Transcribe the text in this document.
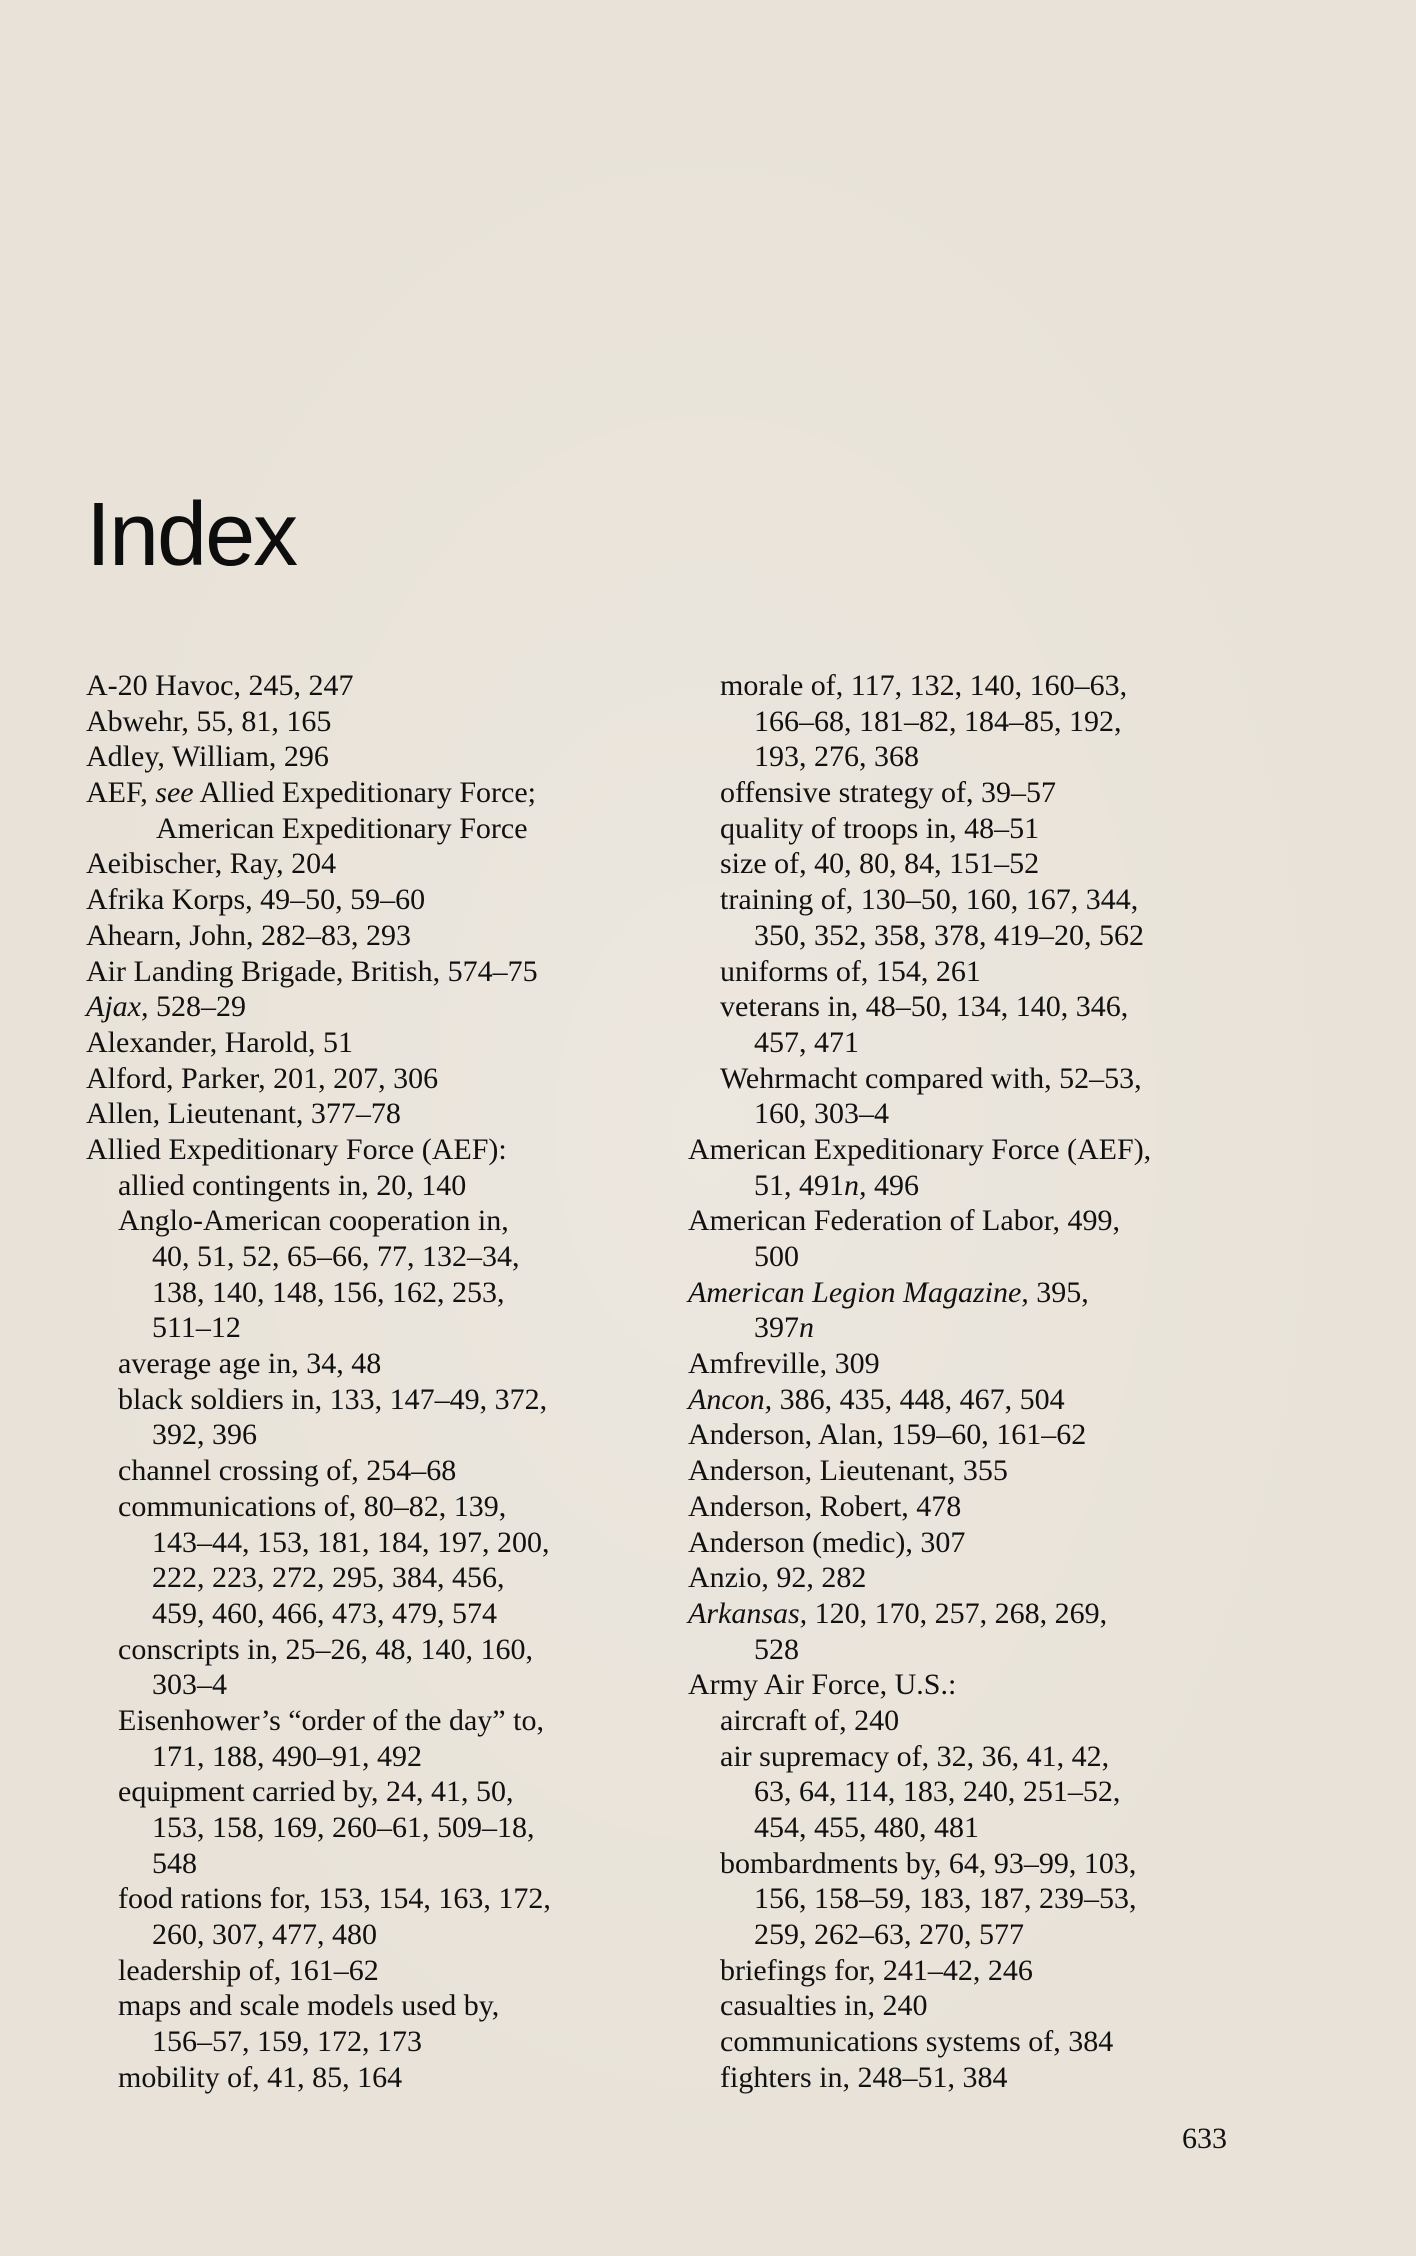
Index
A-20 Havoc, 245, 247
Abwehr, 55, 81, 165
Adley, William, 296
AEF, see Allied Expeditionary Force;
American Expeditionary Force
Aeibischer, Ray, 204
Afrika Korps, 49–50, 59–60
Ahearn, John, 282–83, 293
Air Landing Brigade, British, 574–75
Ajax, 528–29
Alexander, Harold, 51
Alford, Parker, 201, 207, 306
Allen, Lieutenant, 377–78
Allied Expeditionary Force (AEF):
allied contingents in, 20, 140
Anglo-American cooperation in,
40, 51, 52, 65–66, 77, 132–34,
138, 140, 148, 156, 162, 253,
511–12
average age in, 34, 48
black soldiers in, 133, 147–49, 372,
392, 396
channel crossing of, 254–68
communications of, 80–82, 139,
143–44, 153, 181, 184, 197, 200,
222, 223, 272, 295, 384, 456,
459, 460, 466, 473, 479, 574
conscripts in, 25–26, 48, 140, 160,
303–4
Eisenhower’s “order of the day” to,
171, 188, 490–91, 492
equipment carried by, 24, 41, 50,
153, 158, 169, 260–61, 509–18,
548
food rations for, 153, 154, 163, 172,
260, 307, 477, 480
leadership of, 161–62
maps and scale models used by,
156–57, 159, 172, 173
mobility of, 41, 85, 164
morale of, 117, 132, 140, 160–63,
166–68, 181–82, 184–85, 192,
193, 276, 368
offensive strategy of, 39–57
quality of troops in, 48–51
size of, 40, 80, 84, 151–52
training of, 130–50, 160, 167, 344,
350, 352, 358, 378, 419–20, 562
uniforms of, 154, 261
veterans in, 48–50, 134, 140, 346,
457, 471
Wehrmacht compared with, 52–53,
160, 303–4
American Expeditionary Force (AEF),
51, 491n, 496
American Federation of Labor, 499,
500
American Legion Magazine, 395,
397n
Amfreville, 309
Ancon, 386, 435, 448, 467, 504
Anderson, Alan, 159–60, 161–62
Anderson, Lieutenant, 355
Anderson, Robert, 478
Anderson (medic), 307
Anzio, 92, 282
Arkansas, 120, 170, 257, 268, 269,
528
Army Air Force, U.S.:
aircraft of, 240
air supremacy of, 32, 36, 41, 42,
63, 64, 114, 183, 240, 251–52,
454, 455, 480, 481
bombardments by, 64, 93–99, 103,
156, 158–59, 183, 187, 239–53,
259, 262–63, 270, 577
briefings for, 241–42, 246
casualties in, 240
communications systems of, 384
fighters in, 248–51, 384
633
